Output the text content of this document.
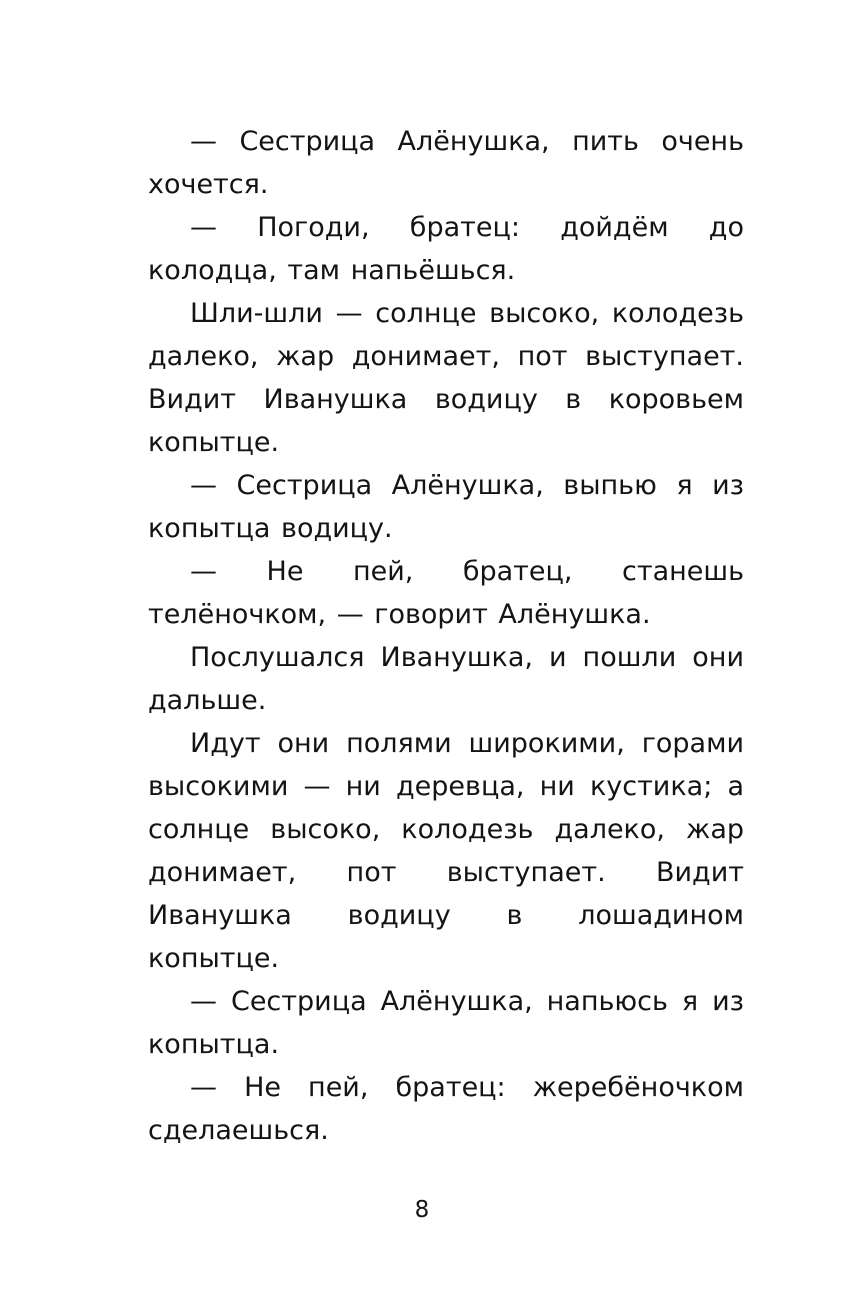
— Сестрица Алёнушка, пить очень хочется.

— Погоди, братец: дойдём до колодца, там напьёшься.

Шли-шли — солнце высоко, колодезь далеко, жар донимает, пот выступает. Видит Иванушка водицу в коровьем копытце.

— Сестрица Алёнушка, выпью я из копытца водицу.

— Не пей, братец, станешь телёночком, — говорит Алёнушка.

Послушался Иванушка, и пошли они дальше.

Идут они полями широкими, горами высокими — ни деревца, ни кустика; а солнце высоко, колодезь далеко, жар донимает, пот выступает. Видит Иванушка водицу в лошадином копытце.

— Сестрица Алёнушка, напьюсь я из копытца.

— Не пей, братец: жеребёночком сделаешься.

8
